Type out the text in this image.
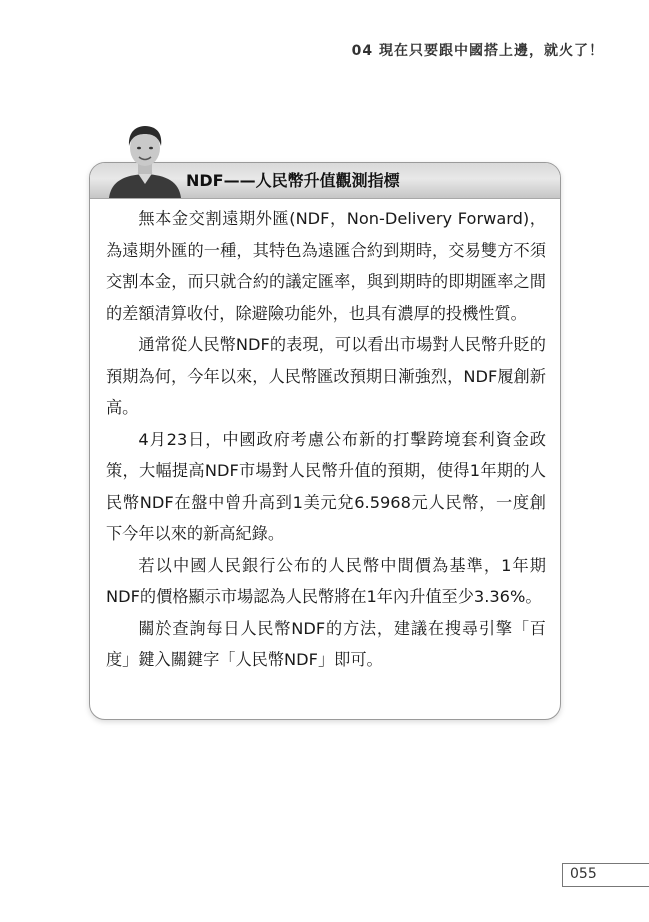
04 現在只要跟中國搭上邊，就火了！
NDF——人民幣升值觀測指標

無本金交割遠期外匯(NDF，Non-Delivery Forward)，為遠期外匯的一種，其特色為遠匯合約到期時，交易雙方不須交割本金，而只就合約的議定匯率，與到期時的即期匯率之間的差額清算收付，除避險功能外，也具有濃厚的投機性質。

通常從人民幣NDF的表現，可以看出市場對人民幣升貶的預期為何，今年以來，人民幣匯改預期日漸強烈，NDF履創新高。

4月23日，中國政府考慮公布新的打擊跨境套利資金政策，大幅提高NDF市場對人民幣升值的預期，使得1年期的人民幣NDF在盤中曾升高到1美元兌6.5968元人民幣，一度創下今年以來的新高紀錄。

若以中國人民銀行公布的人民幣中間價為基準，1年期NDF的價格顯示市場認為人民幣將在1年內升值至少3.36%。

關於查詢每日人民幣NDF的方法，建議在搜尋引擎「百度」鍵入關鍵字「人民幣NDF」即可。

055
